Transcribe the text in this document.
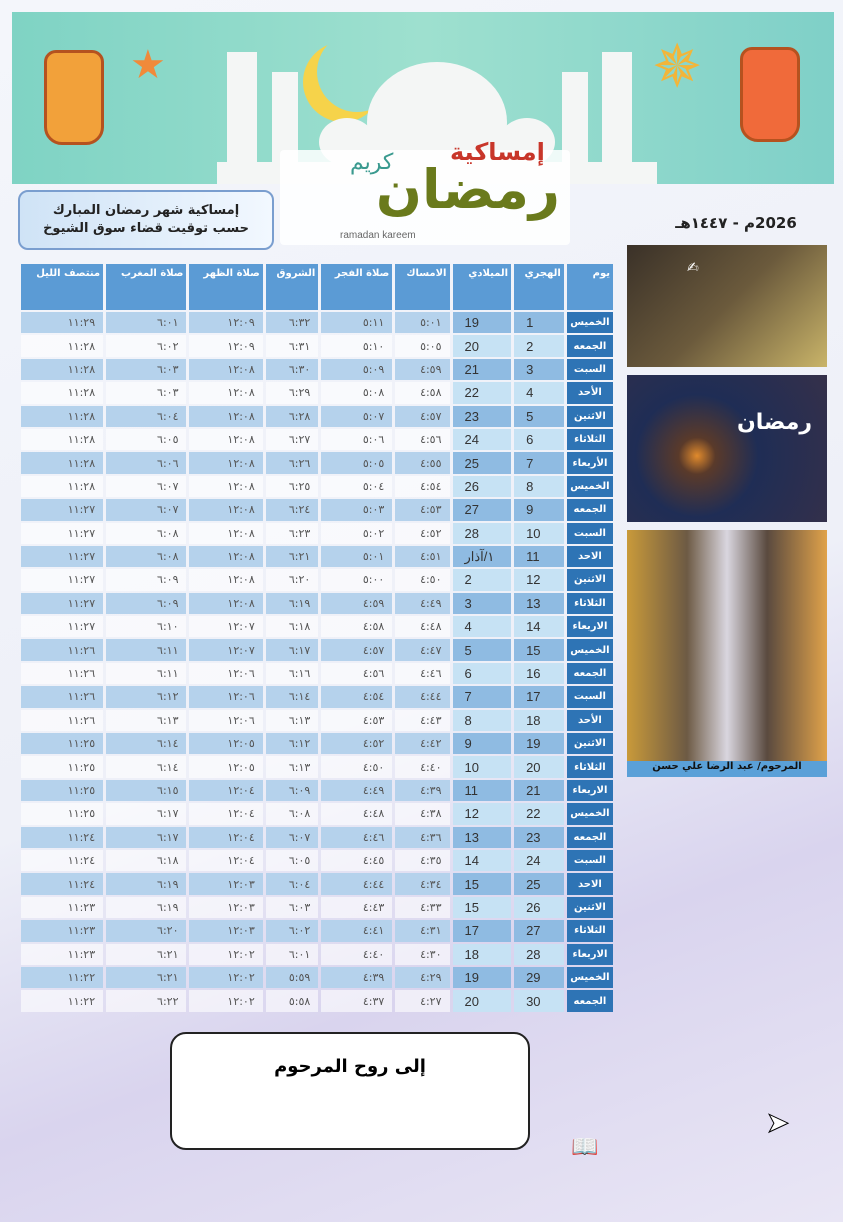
★	✵
إمساكية
كريم
رمضان
ramadan kareem
إمساكية شهر رمضان المبارك
حسب توقيت قضاء سوق الشيوخ	2026م - ١٤٤٧هـ
يوم	الهجري	الميلادي	الامساك	صلاة الفجر	الشروق	صلاة الظهر	صلاة المغرب	منتصف الليل
الخميس	1	19	٥:٠١	٥:١١	٦:٣٢	١٢:٠٩	٦:٠١	١١:٢٩
الجمعه	2	20	٥:٠٥	٥:١٠	٦:٣١	١٢:٠٩	٦:٠٢	١١:٢٨
السبت	3	21	٤:٥٩	٥:٠٩	٦:٣٠	١٢:٠٨	٦:٠٣	١١:٢٨
الأحد	4	22	٤:٥٨	٥:٠٨	٦:٢٩	١٢:٠٨	٦:٠٣	١١:٢٨
الاثنين	5	23	٤:٥٧	٥:٠٧	٦:٢٨	١٢:٠٨	٦:٠٤	١١:٢٨
الثلاثاء	6	24	٤:٥٦	٥:٠٦	٦:٢٧	١٢:٠٨	٦:٠٥	١١:٢٨
الأربعاء	7	25	٤:٥٥	٥:٠٥	٦:٢٦	١٢:٠٨	٦:٠٦	١١:٢٨
الخميس	8	26	٤:٥٤	٥:٠٤	٦:٢٥	١٢:٠٨	٦:٠٧	١١:٢٨
الجمعه	9	27	٤:٥٣	٥:٠٣	٦:٢٤	١٢:٠٨	٦:٠٧	١١:٢٧
السبت	10	28	٤:٥٢	٥:٠٢	٦:٢٣	١٢:٠٨	٦:٠٨	١١:٢٧
الاحد	11	١/آذار	٤:٥١	٥:٠١	٦:٢١	١٢:٠٨	٦:٠٨	١١:٢٧
الاثنين	12	2	٤:٥٠	٥:٠٠	٦:٢٠	١٢:٠٨	٦:٠٩	١١:٢٧
الثلاثاء	13	3	٤:٤٩	٤:٥٩	٦:١٩	١٢:٠٨	٦:٠٩	١١:٢٧
الاربعاء	14	4	٤:٤٨	٤:٥٨	٦:١٨	١٢:٠٧	٦:١٠	١١:٢٧
الخميس	15	5	٤:٤٧	٤:٥٧	٦:١٧	١٢:٠٧	٦:١١	١١:٢٦
الجمعه	16	6	٤:٤٦	٤:٥٦	٦:١٦	١٢:٠٦	٦:١١	١١:٢٦
السبت	17	7	٤:٤٤	٤:٥٤	٦:١٤	١٢:٠٦	٦:١٢	١١:٢٦
الأحد	18	8	٤:٤٣	٤:٥٣	٦:١٣	١٢:٠٦	٦:١٣	١١:٢٦
الاثنين	19	9	٤:٤٢	٤:٥٢	٦:١٢	١٢:٠٥	٦:١٤	١١:٢٥
الثلاثاء	20	10	٤:٤٠	٤:٥٠	٦:١٣	١٢:٠٥	٦:١٤	١١:٢٥
الاربعاء	21	11	٤:٣٩	٤:٤٩	٦:٠٩	١٢:٠٤	٦:١٥	١١:٢٥
الخميس	22	12	٤:٣٨	٤:٤٨	٦:٠٨	١٢:٠٤	٦:١٧	١١:٢٥
الجمعه	23	13	٤:٣٦	٤:٤٦	٦:٠٧	١٢:٠٤	٦:١٧	١١:٢٤
السبت	24	14	٤:٣٥	٤:٤٥	٦:٠٥	١٢:٠٤	٦:١٨	١١:٢٤
الاحد	25	15	٤:٣٤	٤:٤٤	٦:٠٤	١٢:٠٣	٦:١٩	١١:٢٤
الاثنين	26	15	٤:٣٣	٤:٤٣	٦:٠٣	١٢:٠٣	٦:١٩	١١:٢٣
الثلاثاء	27	17	٤:٣١	٤:٤١	٦:٠٢	١٢:٠٣	٦:٢٠	١١:٢٣
الاربعاء	28	18	٤:٣٠	٤:٤٠	٦:٠١	١٢:٠٢	٦:٢١	١١:٢٣
الخميس	29	19	٤:٢٩	٤:٣٩	٥:٥٩	١٢:٠٢	٦:٢١	١١:٢٢
الجمعه	30	20	٤:٢٧	٤:٣٧	٥:٥٨	١٢:٠٢	٦:٢٢	١١:٢٢
✍
رمضان
المرحوم/ عبد الرضا علي حسن
إلى روح المرحوم
📖
➤
